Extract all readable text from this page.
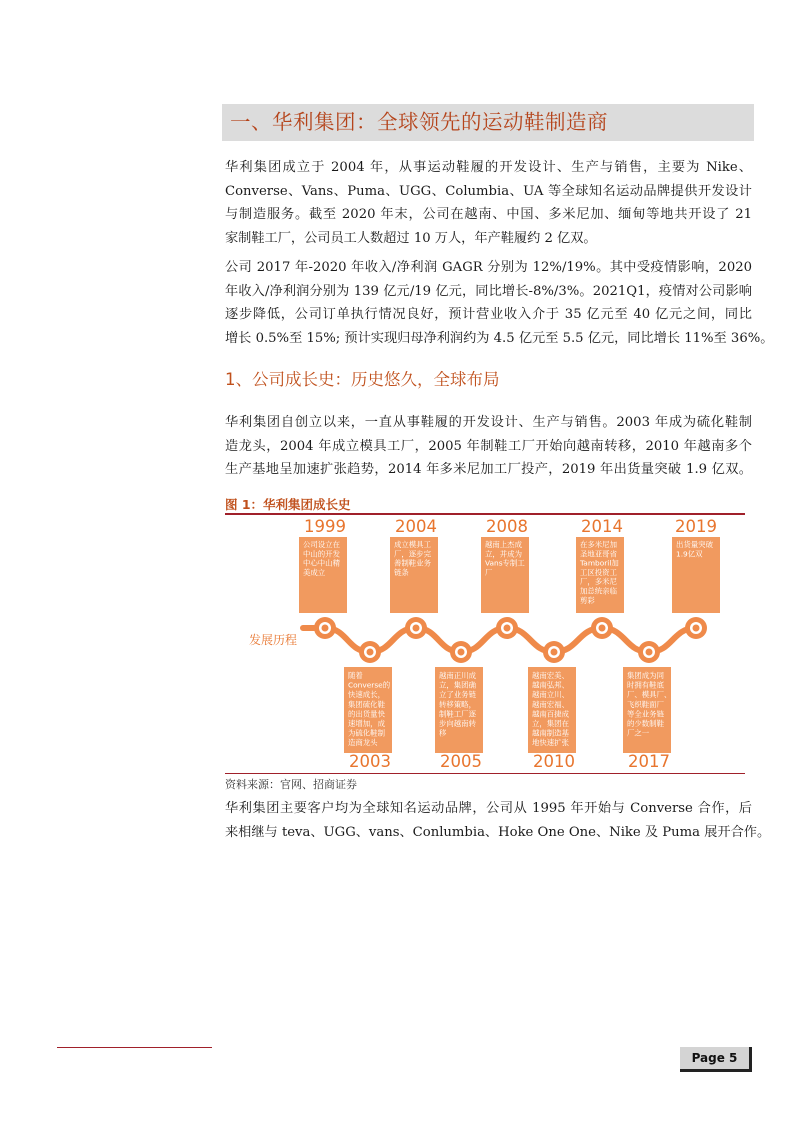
一、华利集团：全球领先的运动鞋制造商
华利集团成立于 2004 年，从事运动鞋履的开发设计、生产与销售，主要为 Nike、
Converse、Vans、Puma、UGG、Columbia、UA 等全球知名运动品牌提供开发设计
与制造服务。截至 2020 年末，公司在越南、中国、多米尼加、缅甸等地共开设了 21
家制鞋工厂，公司员工人数超过 10 万人，年产鞋履约 2 亿双。
公司 2017 年-2020 年收入/净利润 GAGR 分别为 12%/19%。其中受疫情影响，2020
年收入/净利润分别为 139 亿元/19 亿元，同比增长-8%/3%。2021Q1，疫情对公司影响
逐步降低，公司订单执行情况良好，预计营业收入介于 35 亿元至 40 亿元之间，同比
增长 0.5%至 15%; 预计实现归母净利润约为 4.5 亿元至 5.5 亿元，同比增长 11%至 36%。
1、公司成长史：历史悠久，全球布局
华利集团自创立以来，一直从事鞋履的开发设计、生产与销售。2003 年成为硫化鞋制
造龙头，2004 年成立模具工厂，2005 年制鞋工厂开始向越南转移，2010 年越南多个
生产基地呈加速扩张趋势，2014 年多米尼加工厂投产，2019 年出货量突破 1.9 亿双。
图 1：华利集团成长史
发展历程
1999
公司设立在
中山的开发
中心中山精
美成立
2004
成立模具工
厂，逐步完
善制鞋业务
链条
2008
越南上杰成
立，并成为
Vans专制工
厂
2014
在多米尼加
圣地亚哥省
Tamboril加
工区投资工
厂，多米尼
加总统亲临
剪彩
2019
出货量突破
1.9亿双
随着
Converse的
快速成长，
集团硫化鞋
的出货量快
速增加，成
为硫化鞋制
造商龙头
2003
越南正川成
立，集团确
立了业务链
转移策略，
制鞋工厂逐
步向越南转
移
2005
越南宏美、
越南弘邦、
越南立川、
越南宏福、
越南百捷成
立，集团在
越南制造基
地快速扩张
2010
集团成为同
时拥有鞋底
厂、模具厂、
飞织鞋面厂
等全业务链
的少数制鞋
厂之一
2017
资料来源：官网、招商证券
华利集团主要客户均为全球知名运动品牌，公司从 1995 年开始与 Converse 合作，后
来相继与 teva、UGG、vans、Conlumbia、Hoke One One、Nike 及 Puma 展开合作。
Page 5
